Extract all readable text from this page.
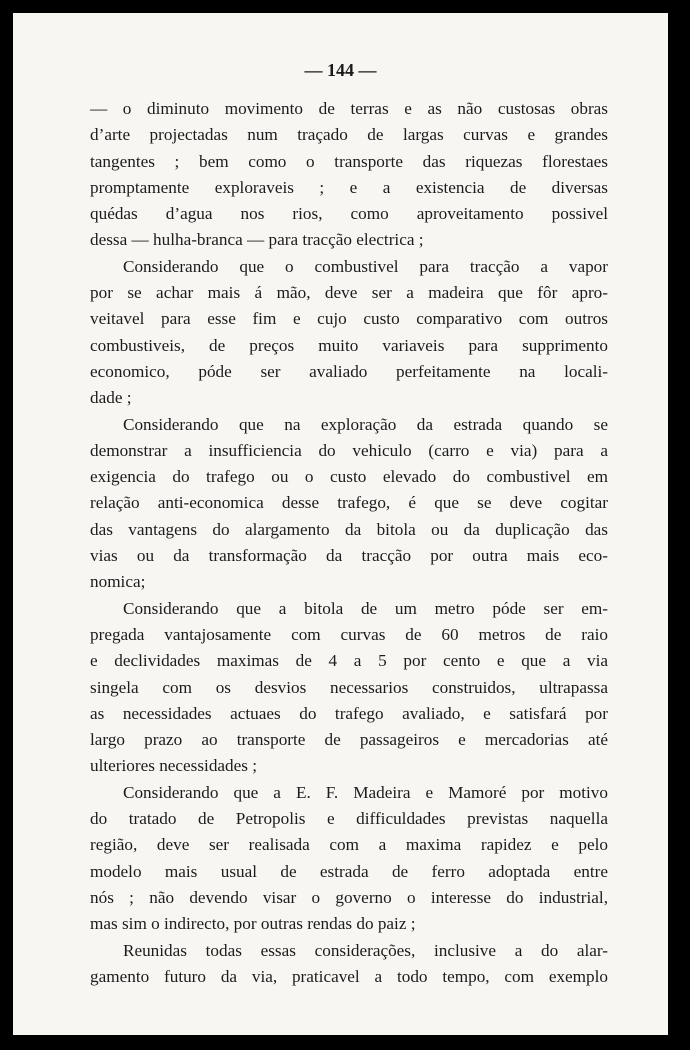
— 144 —
— o diminuto movimento de terras e as não custosas obras
d’arte projectadas num traçado de largas curvas e grandes
tangentes ; bem como o transporte das riquezas florestaes
promptamente exploraveis ; e a existencia de diversas
quédas d’agua nos rios, como aproveitamento possivel
dessa — hulha-branca — para tracção electrica ;
Considerando que o combustivel para tracção a vapor
por se achar mais á mão, deve ser a madeira que fôr apro-
veitavel para esse fim e cujo custo comparativo com outros
combustiveis, de preços muito variaveis para supprimento
economico, póde ser avaliado perfeitamente na locali-
dade ;
Considerando que na exploração da estrada quando se
demonstrar a insufficiencia do vehiculo (carro e via) para a
exigencia do trafego ou o custo elevado do combustivel em
relação anti-economica desse trafego, é que se deve cogitar
das vantagens do alargamento da bitola ou da duplicação das
vias ou da transformação da tracção por outra mais eco-
nomica;
Considerando que a bitola de um metro póde ser em-
pregada vantajosamente com curvas de 60 metros de raio
e declividades maximas de 4 a 5 por cento e que a via
singela com os desvios necessarios construidos, ultrapassa
as necessidades actuaes do trafego avaliado, e satisfará por
largo prazo ao transporte de passageiros e mercadorias até
ulteriores necessidades ;
Considerando que a E. F. Madeira e Mamoré por motivo
do tratado de Petropolis e difficuldades previstas naquella
região, deve ser realisada com a maxima rapidez e pelo
modelo mais usual de estrada de ferro adoptada entre
nós ; não devendo visar o governo o interesse do industrial,
mas sim o indirecto, por outras rendas do paiz ;
Reunidas todas essas considerações, inclusive a do alar-
gamento futuro da via, praticavel a todo tempo, com exemplo
